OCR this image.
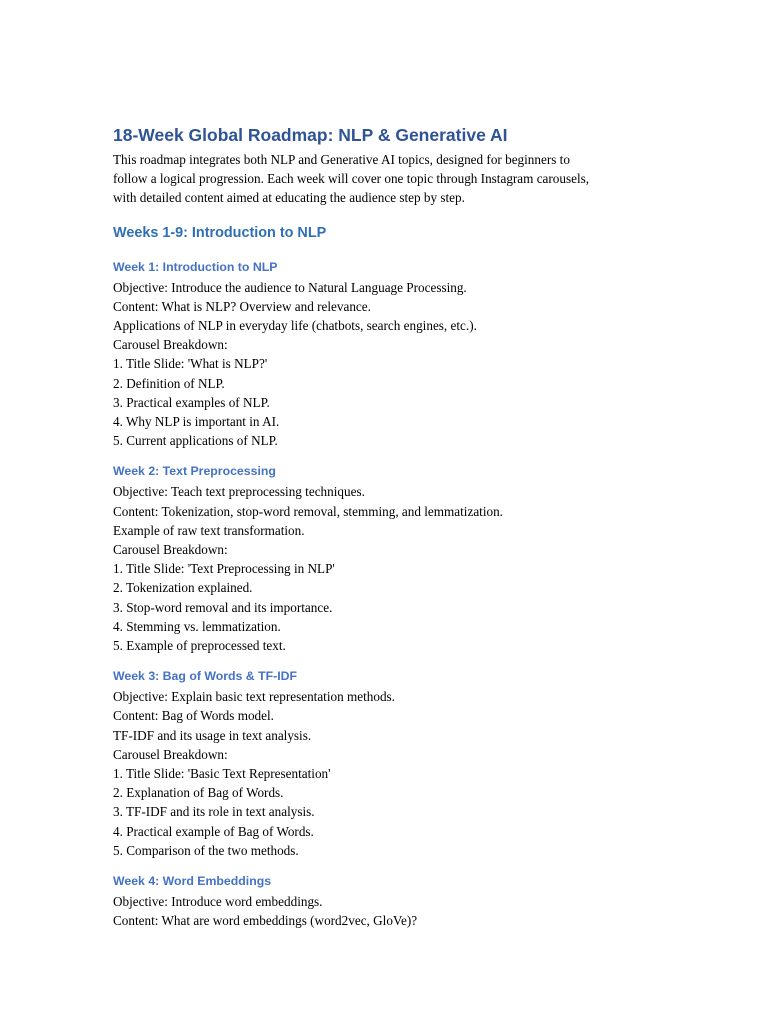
18-Week Global Roadmap: NLP & Generative AI
This roadmap integrates both NLP and Generative AI topics, designed for beginners to
follow a logical progression. Each week will cover one topic through Instagram carousels,
with detailed content aimed at educating the audience step by step.
Weeks 1-9: Introduction to NLP
Week 1: Introduction to NLP
Objective: Introduce the audience to Natural Language Processing.
Content: What is NLP? Overview and relevance.
Applications of NLP in everyday life (chatbots, search engines, etc.).
Carousel Breakdown:
1. Title Slide: 'What is NLP?'
2. Definition of NLP.
3. Practical examples of NLP.
4. Why NLP is important in AI.
5. Current applications of NLP.
Week 2: Text Preprocessing
Objective: Teach text preprocessing techniques.
Content: Tokenization, stop-word removal, stemming, and lemmatization.
Example of raw text transformation.
Carousel Breakdown:
1. Title Slide: 'Text Preprocessing in NLP'
2. Tokenization explained.
3. Stop-word removal and its importance.
4. Stemming vs. lemmatization.
5. Example of preprocessed text.
Week 3: Bag of Words & TF-IDF
Objective: Explain basic text representation methods.
Content: Bag of Words model.
TF-IDF and its usage in text analysis.
Carousel Breakdown:
1. Title Slide: 'Basic Text Representation'
2. Explanation of Bag of Words.
3. TF-IDF and its role in text analysis.
4. Practical example of Bag of Words.
5. Comparison of the two methods.
Week 4: Word Embeddings
Objective: Introduce word embeddings.
Content: What are word embeddings (word2vec, GloVe)?
